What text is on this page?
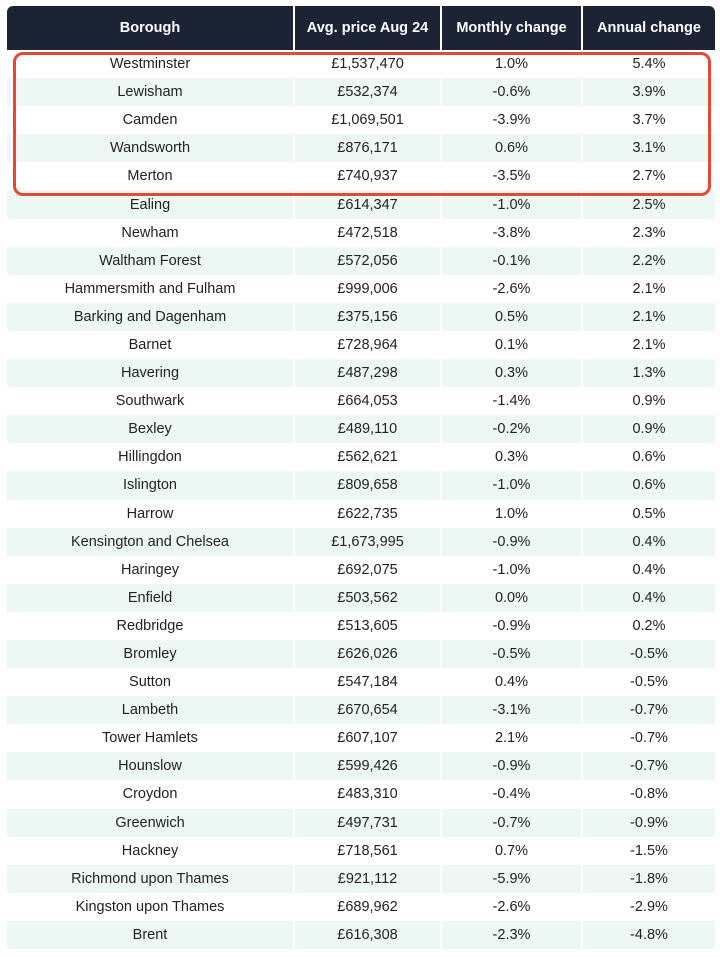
Borough	Avg. price Aug 24	Monthly change	Annual change
Westminster	£1,537,470	1.0%	5.4%
Lewisham	£532,374	-0.6%	3.9%
Camden	£1,069,501	-3.9%	3.7%
Wandsworth	£876,171	0.6%	3.1%
Merton	£740,937	-3.5%	2.7%
Ealing	£614,347	-1.0%	2.5%
Newham	£472,518	-3.8%	2.3%
Waltham Forest	£572,056	-0.1%	2.2%
Hammersmith and Fulham	£999,006	-2.6%	2.1%
Barking and Dagenham	£375,156	0.5%	2.1%
Barnet	£728,964	0.1%	2.1%
Havering	£487,298	0.3%	1.3%
Southwark	£664,053	-1.4%	0.9%
Bexley	£489,110	-0.2%	0.9%
Hillingdon	£562,621	0.3%	0.6%
Islington	£809,658	-1.0%	0.6%
Harrow	£622,735	1.0%	0.5%
Kensington and Chelsea	£1,673,995	-0.9%	0.4%
Haringey	£692,075	-1.0%	0.4%
Enfield	£503,562	0.0%	0.4%
Redbridge	£513,605	-0.9%	0.2%
Bromley	£626,026	-0.5%	-0.5%
Sutton	£547,184	0.4%	-0.5%
Lambeth	£670,654	-3.1%	-0.7%
Tower Hamlets	£607,107	2.1%	-0.7%
Hounslow	£599,426	-0.9%	-0.7%
Croydon	£483,310	-0.4%	-0.8%
Greenwich	£497,731	-0.7%	-0.9%
Hackney	£718,561	0.7%	-1.5%
Richmond upon Thames	£921,112	-5.9%	-1.8%
Kingston upon Thames	£689,962	-2.6%	-2.9%
Brent	£616,308	-2.3%	-4.8%
